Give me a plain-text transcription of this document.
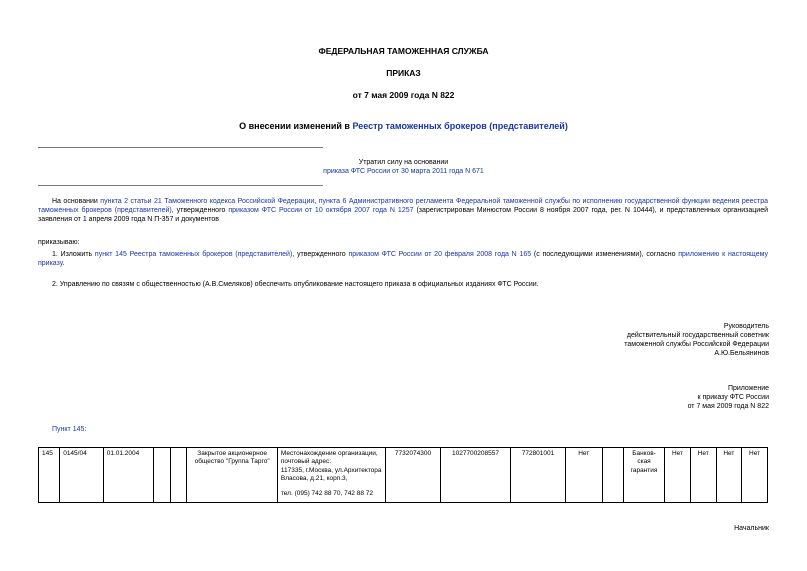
ФЕДЕРАЛЬНАЯ ТАМОЖЕННАЯ СЛУЖБА
ПРИКАЗ
от 7 мая 2009 года N 822
О внесении изменений в Реестр таможенных брокеров (представителей)
Утратил силу на основании
приказа ФТС России от 30 марта 2011 года N 671
На основании пункта 2 статьи 21 Таможенного кодекса Российской Федерации, пункта 6 Административного регламента Федеральной таможенной службы по исполнению государственной функции ведения реестра таможенных брокеров (представителей), утвержденного приказом ФТС России от 10 октября 2007 года N 1257 (зарегистрирован Минюстом России 8 ноября 2007 года, рег. N 10444), и представленных организацией заявления от 1 апреля 2009 года N П-357 и документов
приказываю:
1. Изложить пункт 145 Реестра таможенных брокеров (представителей), утвержденного приказом ФТС России от 20 февраля 2008 года N 165 (с последующими изменениями), согласно приложению к настоящему приказу.
2. Управлению по связям с общественностью (А.В.Смеляков) обеспечить опубликование настоящего приказа в официальных изданиях ФТС России.
Руководитель
действительный государственный советник
таможенной службы Российской Федерации
А.Ю.Бельянинов
Приложение
к приказу ФТС России
от 7 мая 2009 года N 822
Пункт 145:
145	0145/04	01.01.2004			Закрытое акционерное общество "Группа Тарго"	
Местонахождение организации, почтовый адрес:
117335, г.Москва, ул.Архитектора Власова, д.21, корп.3,
тел. (095) 742 88 70, 742 88 72
	7732074300	1027700208557	772801001	Нет		Банков-ская гарантия	Нет	Нет	Нет	Нет
Начальник
